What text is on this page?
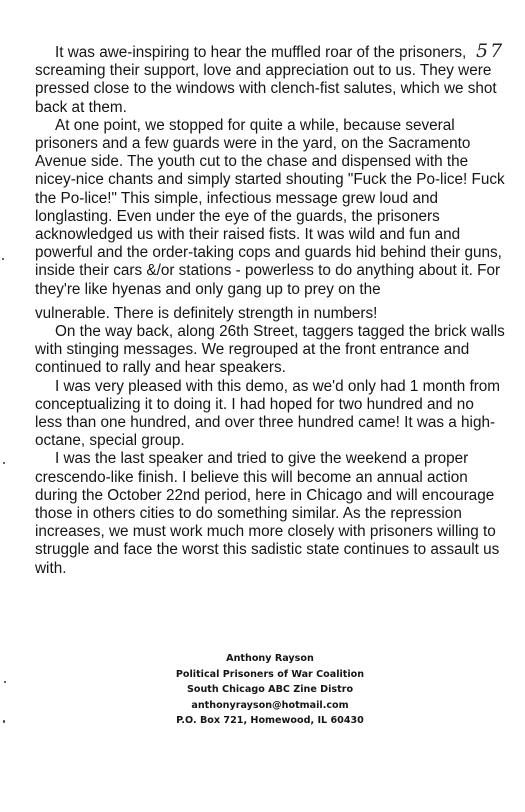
57

It was awe-inspiring to hear the muffled roar of the prisoners, screaming their support, love and appreciation out to us. They were pressed close to the windows with clench-fist salutes, which we shot back at them.

At one point, we stopped for quite a while, because several prisoners and a few guards were in the yard, on the Sacramento Avenue side. The youth cut to the chase and dispensed with the nicey-nice chants and simply started shouting "Fuck the Po-lice! Fuck the Po-lice!" This simple, infectious message grew loud and longlasting. Even under the eye of the guards, the prisoners acknowledged us with their raised fists. It was wild and fun and powerful and the order-taking cops and guards hid behind their guns, inside their cars &/or stations - powerless to do anything about it. For they're like hyenas and only gang up to prey on the

vulnerable. There is definitely strength in numbers!

On the way back, along 26th Street, taggers tagged the brick walls with stinging messages. We regrouped at the front entrance and continued to rally and hear speakers.

I was very pleased with this demo, as we'd only had 1 month from conceptualizing it to doing it. I had hoped for two hundred and no less than one hundred, and over three hundred came! It was a high-octane, special group.

I was the last speaker and tried to give the weekend a proper crescendo-like finish. I believe this will become an annual action during the October 22nd period, here in Chicago and will encourage those in others cities to do something similar. As the repression increases, we must work much more closely with prisoners willing to struggle and face the worst this sadistic state continues to assault us with.

Anthony Rayson
Political Prisoners of War Coalition
South Chicago ABC Zine Distro
anthonyrayson@hotmail.com
P.O. Box 721, Homewood, IL 60430
